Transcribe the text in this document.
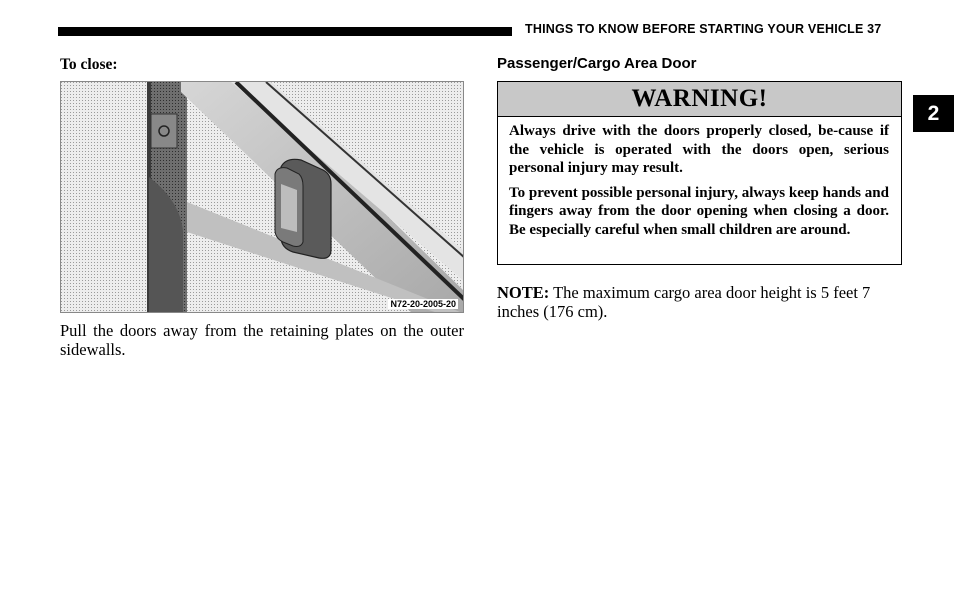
THINGS TO KNOW BEFORE STARTING YOUR VEHICLE 37
2
To close:
N72-20-2005-20
Pull the doors away from the retaining plates on the outer sidewalls.
Passenger/Cargo Area Door
WARNING!

Always drive with the doors properly closed, be-cause if the vehicle is operated with the doors open, serious personal injury may result.

To prevent possible personal injury, always keep hands and fingers away from the door opening when closing a door. Be especially careful when small children are around.

NOTE: The maximum cargo area door height is 5 feet 7 inches (176 cm).
